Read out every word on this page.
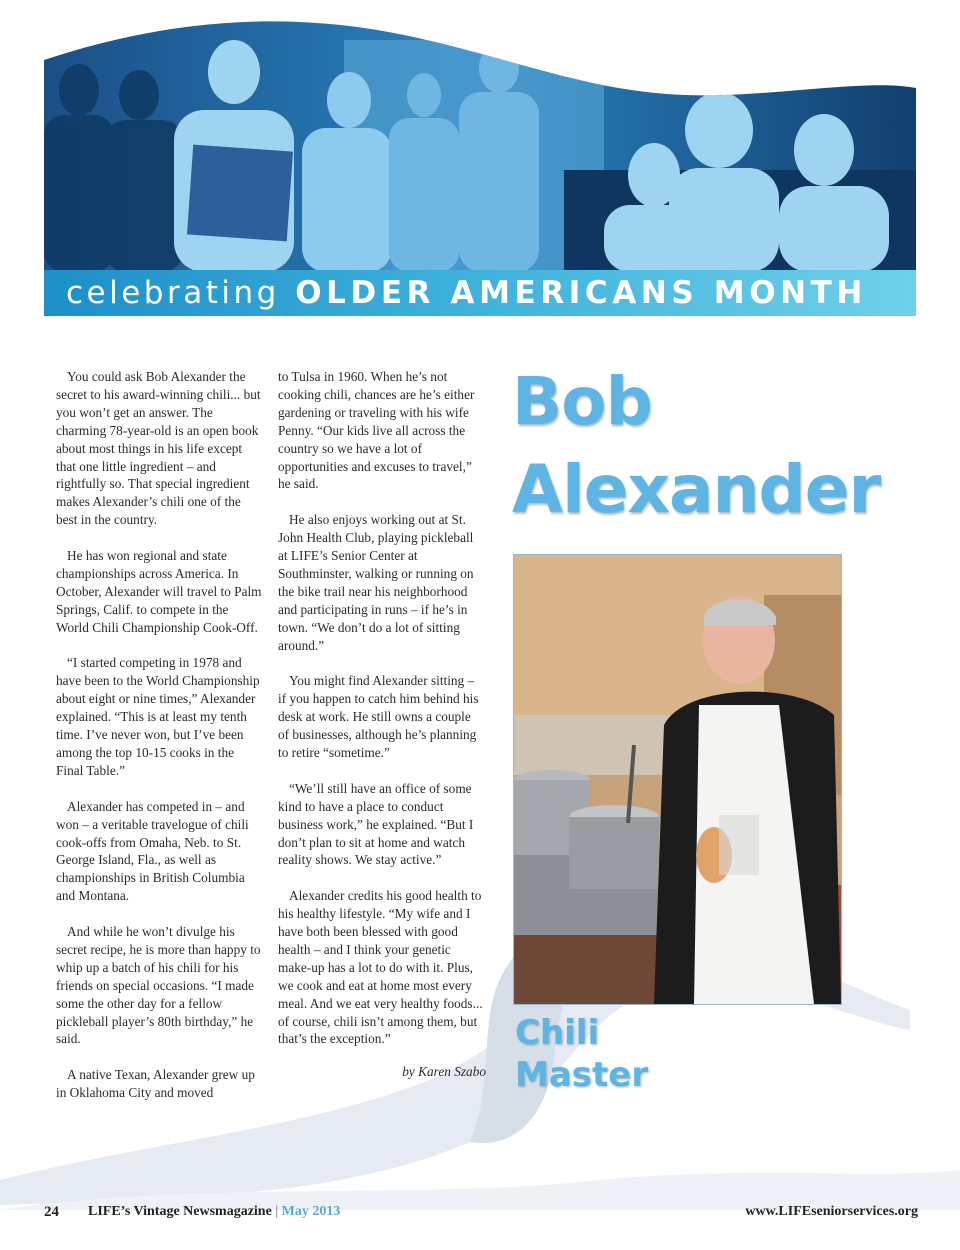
celebrating OLDER AMERICANS MONTH

You could ask Bob Alexander the secret to his award-winning chili... but you won’t get an answer. The charming 78-year-old is an open book about most things in his life except that one little ingredient – and rightfully so. That special ingredient makes Alexander’s chili one of the best in the country.

He has won regional and state championships across America. In October, Alexander will travel to Palm Springs, Calif. to compete in the World Chili Championship Cook-Off.

“I started competing in 1978 and have been to the World Championship about eight or nine times,” Alexander explained. “This is at least my tenth time. I’ve never won, but I’ve been among the top 10-15 cooks in the Final Table.”

Alexander has competed in – and won – a veritable travelogue of chili cook-offs from Omaha, Neb. to St. George Island, Fla., as well as championships in British Columbia and Montana.

And while he won’t divulge his secret recipe, he is more than happy to whip up a batch of his chili for his friends on special occasions. “I made some the other day for a fellow pickleball player’s 80th birthday,” he said.

A native Texan, Alexander grew up in Oklahoma City and moved

to Tulsa in 1960. When he’s not cooking chili, chances are he’s either gardening or traveling with his wife Penny. “Our kids live all across the country so we have a lot of opportunities and excuses to travel,” he said.

He also enjoys working out at St. John Health Club, playing pickleball at LIFE’s Senior Center at Southminster, walking or running on the bike trail near his neighborhood and participating in runs – if he’s in town. “We don’t do a lot of sitting around.”

You might find Alexander sitting – if you happen to catch him behind his desk at work. He still owns a couple of businesses, although he’s planning to retire “sometime.”

“We’ll still have an office of some kind to have a place to conduct business work,” he explained. “But I don’t plan to sit at home and watch reality shows. We stay active.”

Alexander credits his good health to his healthy lifestyle. “My wife and I have both been blessed with good health – and I think your genetic make-up has a lot to do with it. Plus, we cook and eat at home most every meal. And we eat very healthy foods... of course, chili isn’t among them, but that’s the exception.”

by Karen Szabo
Bob
Alexander
Chili
Master
24 LIFE’s Vintage Newsmagazine | May 2013	www.LIFEseniorservices.org
